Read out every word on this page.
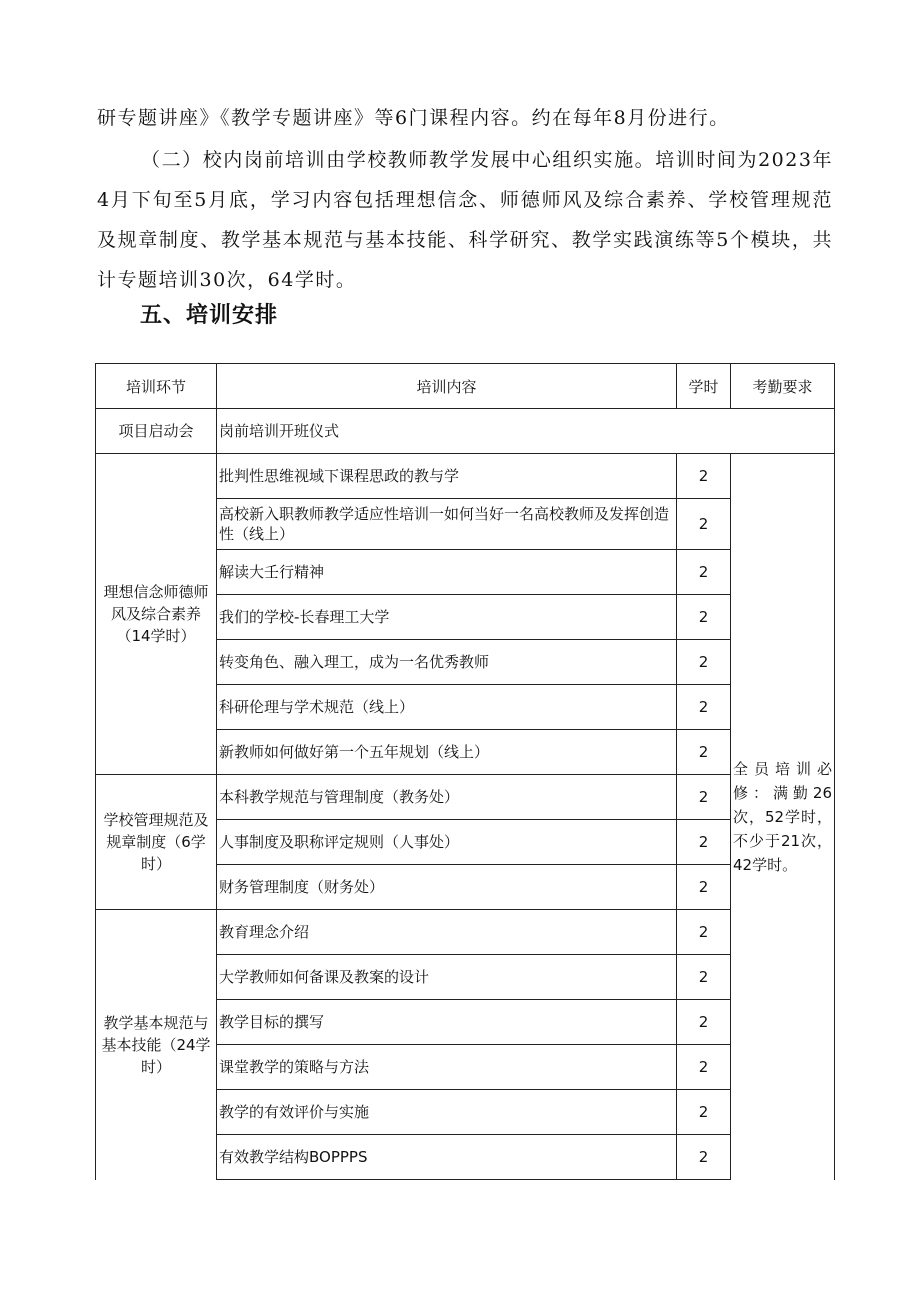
研专题讲座》《教学专题讲座》等6门课程内容。约在每年8月份进行。
（二）校内岗前培训由学校教师教学发展中心组织实施。培训时间为2023年4月下旬至5月底，学习内容包括理想信念、师德师风及综合素养、学校管理规范及规章制度、教学基本规范与基本技能、科学研究、教学实践演练等5个模块，共计专题培训30次，64学时。
五、培训安排
培训环节	培训内容	学时	考勤要求
项目启动会	岗前培训开班仪式		
理想信念师德师风及综合素养（14学时）	批判性思维视域下课程思政的教与学	2	全员培训必修：满勤26次，52学时，不少于21次，42学时。
	高校新入职教师教学适应性培训一如何当好一名高校教师及发挥创造性（线上）	2	
	解读大壬行精神	2	
	我们的学校-长春理工大学	2	
	转变角色、融入理工，成为一名优秀教师	2	
	科研伦理与学术规范（线上）	2	
	新教师如何做好第一个五年规划（线上）	2	
学校管理规范及规章制度（6学时）	本科教学规范与管理制度（教务处）	2	
	人事制度及职称评定规则（人事处）	2	
	财务管理制度（财务处）	2	
教学基本规范与基本技能（24学时）	教育理念介绍	2	
	大学教师如何备课及教案的设计	2	
	教学目标的撰写	2	
	课堂教学的策略与方法	2	
	教学的有效评价与实施	2	
	有效教学结构BOPPPS	2	
